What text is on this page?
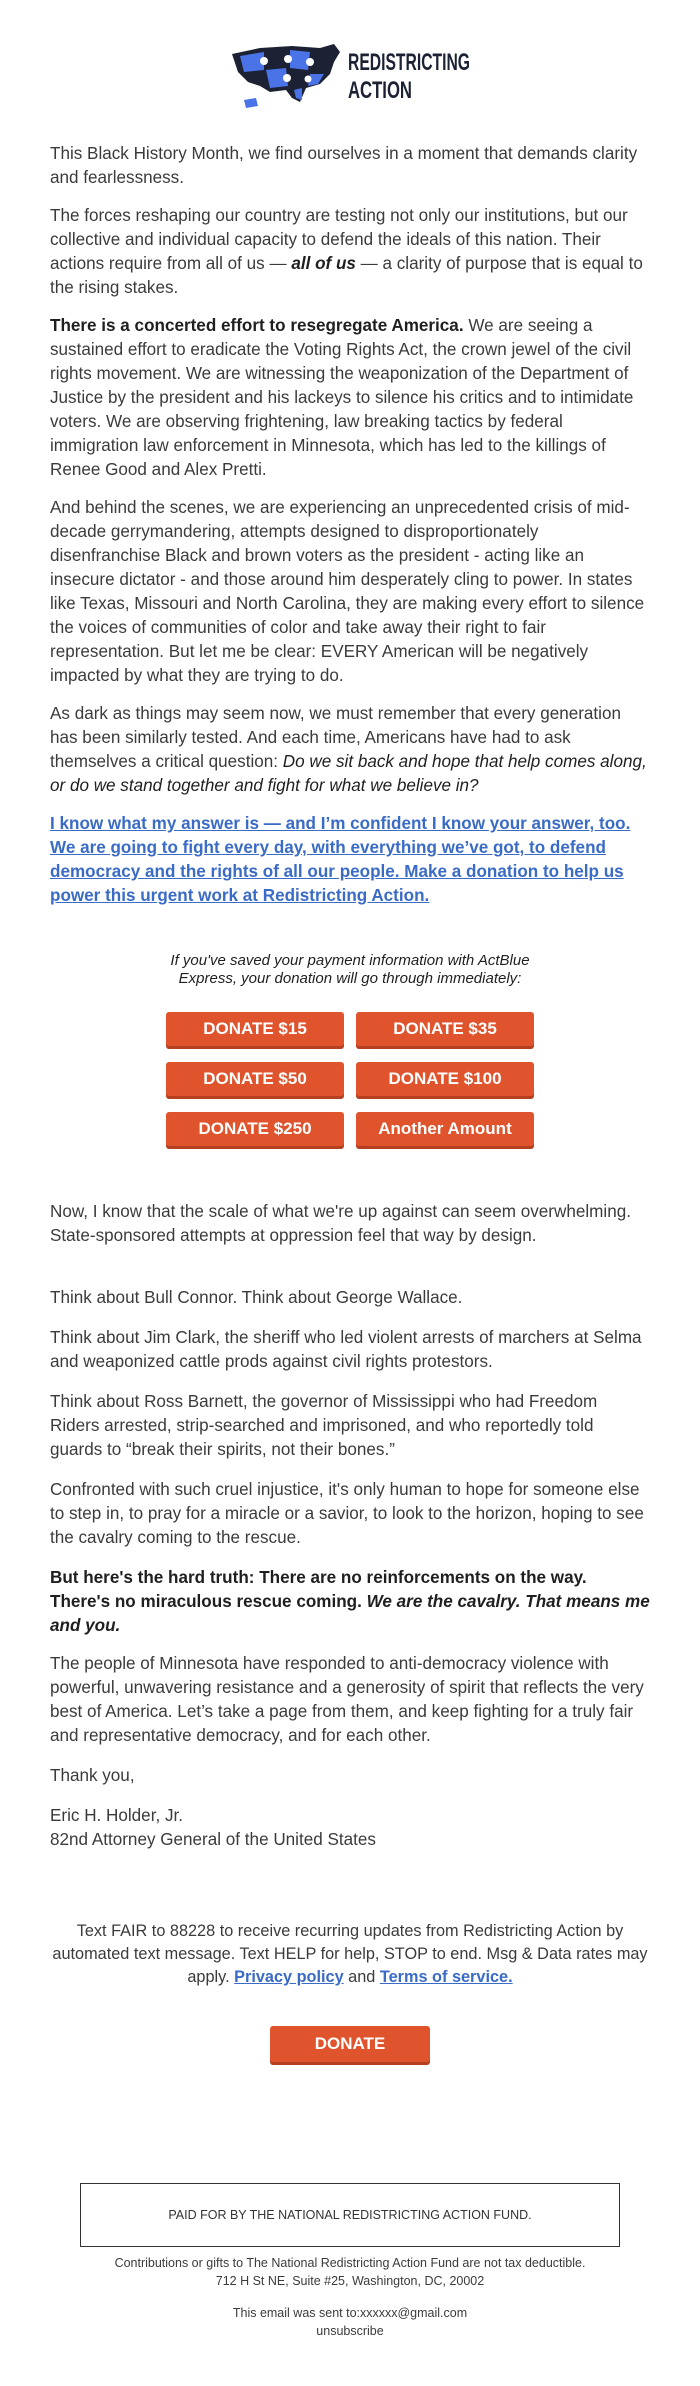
REDISTRICTING
ACTION

This Black History Month, we find ourselves in a moment that demands clarity and fearlessness.

The forces reshaping our country are testing not only our institutions, but our collective and individual capacity to defend the ideals of this nation. Their actions require from all of us — all of us — a clarity of purpose that is equal to the rising stakes.

There is a concerted effort to resegregate America. We are seeing a sustained effort to eradicate the Voting Rights Act, the crown jewel of the civil rights movement. We are witnessing the weaponization of the Department of Justice by the president and his lackeys to silence his critics and to intimidate voters. We are observing frightening, law breaking tactics by federal immigration law enforcement in Minnesota, which has led to the killings of Renee Good and Alex Pretti.

And behind the scenes, we are experiencing an unprecedented crisis of mid-decade gerrymandering, attempts designed to disproportionately disenfranchise Black and brown voters as the president - acting like an insecure dictator - and those around him desperately cling to power. In states like Texas, Missouri and North Carolina, they are making every effort to silence the voices of communities of color and take away their right to fair representation. But let me be clear: EVERY American will be negatively impacted by what they are trying to do.

As dark as things may seem now, we must remember that every generation has been similarly tested. And each time, Americans have had to ask themselves a critical question: Do we sit back and hope that help comes along, or do we stand together and fight for what we believe in?

I know what my answer is — and I’m confident I know your answer, too. We are going to fight every day, with everything we’ve got, to defend democracy and the rights of all our people. Make a donation to help us power this urgent work at Redistricting Action.

If you've saved your payment information with ActBlue Express, your donation will go through immediately:
DONATE $15	DONATE $35
DONATE $50	DONATE $100
DONATE $250	Another Amount

Now, I know that the scale of what we're up against can seem overwhelming. State-sponsored attempts at oppression feel that way by design.

Think about Bull Connor. Think about George Wallace.

Think about Jim Clark, the sheriff who led violent arrests of marchers at Selma and weaponized cattle prods against civil rights protestors.

Think about Ross Barnett, the governor of Mississippi who had Freedom Riders arrested, strip-searched and imprisoned, and who reportedly told guards to “break their spirits, not their bones.”

Confronted with such cruel injustice, it's only human to hope for someone else to step in, to pray for a miracle or a savior, to look to the horizon, hoping to see the cavalry coming to the rescue.

But here's the hard truth: There are no reinforcements on the way. There's no miraculous rescue coming. We are the cavalry. That means me and you.

The people of Minnesota have responded to anti-democracy violence with powerful, unwavering resistance and a generosity of spirit that reflects the very best of America. Let’s take a page from them, and keep fighting for a truly fair and representative democracy, and for each other.

Thank you,

Eric H. Holder, Jr.

82nd Attorney General of the United States

Text FAIR to 88228 to receive recurring updates from Redistricting Action by automated text message. Text HELP for help, STOP to end. Msg & Data rates may apply. Privacy policy and Terms of service.
DONATE
PAID FOR BY THE NATIONAL REDISTRICTING ACTION FUND.
Contributions or gifts to The National Redistricting Action Fund are not tax deductible.
712 H St NE, Suite #25, Washington, DC, 20002
This email was sent to:xxxxxx@gmail.com
unsubscribe
